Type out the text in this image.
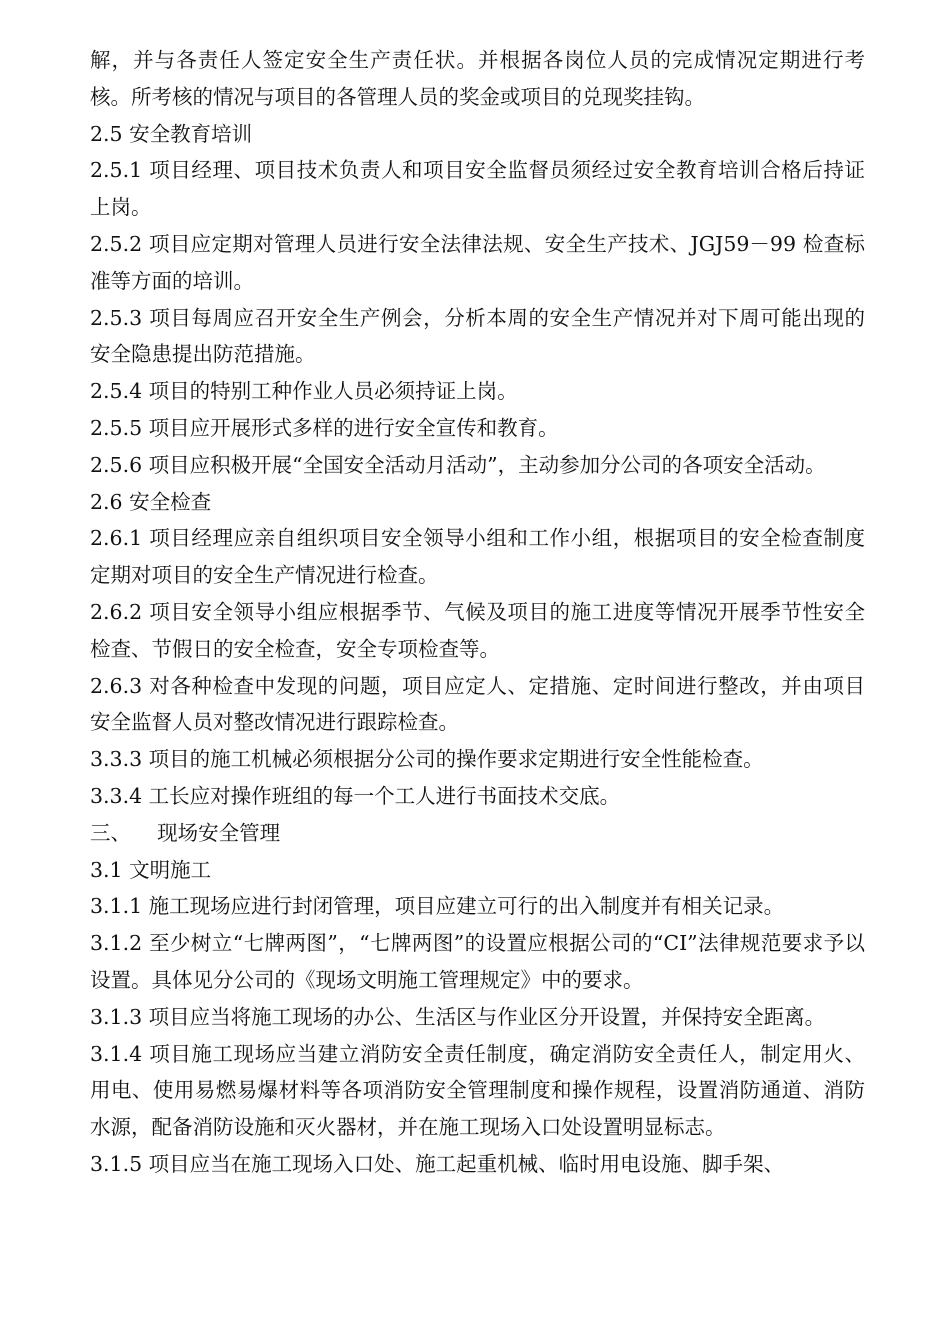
解，并与各责任人签定安全生产责任状。并根据各岗位人员的完成情况定期进行考核。所考核的情况与项目的各管理人员的奖金或项目的兑现奖挂钩。

2.5 安全教育培训

2.5.1 项目经理、项目技术负责人和项目安全监督员须经过安全教育培训合格后持证上岗。

2.5.2 项目应定期对管理人员进行安全法律法规、安全生产技术、JGJ59－99 检查标准等方面的培训。

2.5.3 项目每周应召开安全生产例会，分析本周的安全生产情况并对下周可能出现的安全隐患提出防范措施。

2.5.4 项目的特别工种作业人员必须持证上岗。

2.5.5 项目应开展形式多样的进行安全宣传和教育。

2.5.6 项目应积极开展“全国安全活动月活动”，主动参加分公司的各项安全活动。

2.6 安全检查

2.6.1 项目经理应亲自组织项目安全领导小组和工作小组，根据项目的安全检查制度定期对项目的安全生产情况进行检查。

2.6.2 项目安全领导小组应根据季节、气候及项目的施工进度等情况开展季节性安全检查、节假日的安全检查，安全专项检查等。

2.6.3 对各种检查中发现的问题，项目应定人、定措施、定时间进行整改，并由项目安全监督人员对整改情况进行跟踪检查。

3.3.3 项目的施工机械必须根据分公司的操作要求定期进行安全性能检查。

3.3.4 工长应对操作班组的每一个工人进行书面技术交底。

三、    现场安全管理

3.1 文明施工

3.1.1 施工现场应进行封闭管理，项目应建立可行的出入制度并有相关记录。

3.1.2 至少树立“七牌两图”，“七牌两图”的设置应根据公司的“CI”法律规范要求予以设置。具体见分公司的《现场文明施工管理规定》中的要求。

3.1.3 项目应当将施工现场的办公、生活区与作业区分开设置，并保持安全距离。

3.1.4 项目施工现场应当建立消防安全责任制度，确定消防安全责任人，制定用火、用电、使用易燃易爆材料等各项消防安全管理制度和操作规程，设置消防通道、消防水源，配备消防设施和灭火器材，并在施工现场入口处设置明显标志。

3.1.5 项目应当在施工现场入口处、施工起重机械、临时用电设施、脚手架、
